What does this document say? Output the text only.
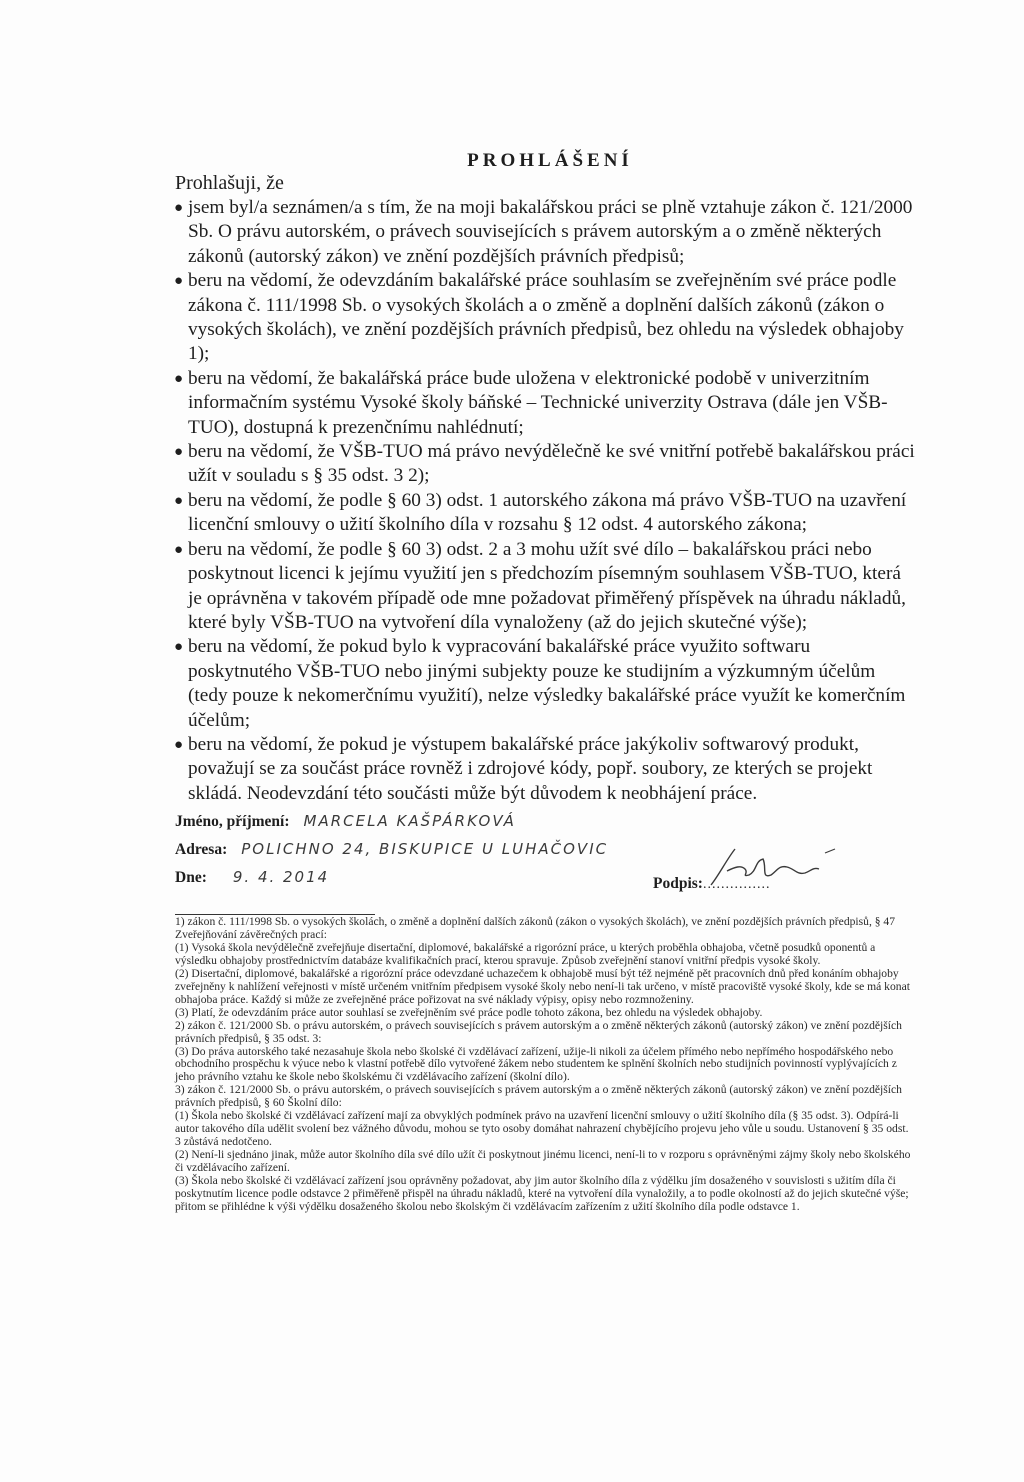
PROHLÁŠENÍ
Prohlašuji, že
● jsem byl/a seznámen/a s tím, že na moji bakalářskou práci se plně vztahuje zákon č. 121/2000 Sb. O právu autorském, o právech souvisejících s právem autorským a o změně některých zákonů (autorský zákon) ve znění pozdějších právních předpisů;
● beru na vědomí, že odevzdáním bakalářské práce souhlasím se zveřejněním své práce podle zákona č. 111/1998 Sb. o vysokých školách a o změně a doplnění dalších zákonů (zákon o vysokých školách), ve znění pozdějších právních předpisů, bez ohledu na výsledek obhajoby 1);
● beru na vědomí, že bakalářská práce bude uložena v elektronické podobě v univerzitním informačním systému Vysoké školy báňské – Technické univerzity Ostrava (dále jen VŠB-TUO), dostupná k prezenčnímu nahlédnutí;
● beru na vědomí, že VŠB-TUO má právo nevýdělečně ke své vnitřní potřebě bakalářskou práci užít v souladu s § 35 odst. 3 2);
● beru na vědomí, že podle § 60 3) odst. 1 autorského zákona má právo VŠB-TUO na uzavření licenční smlouvy o užití školního díla v rozsahu § 12 odst. 4 autorského zákona;
● beru na vědomí, že podle § 60 3) odst. 2 a 3 mohu užít své dílo – bakalářskou práci nebo poskytnout licenci k jejímu využití jen s předchozím písemným souhlasem VŠB-TUO, která je oprávněna v takovém případě ode mne požadovat přiměřený příspěvek na úhradu nákladů, které byly VŠB-TUO na vytvoření díla vynaloženy (až do jejich skutečné výše);
● beru na vědomí, že pokud bylo k vypracování bakalářské práce využito softwaru poskytnutého VŠB-TUO nebo jinými subjekty pouze ke studijním a výzkumným účelům (tedy pouze k nekomerčnímu využití), nelze výsledky bakalářské práce využít ke komerčním účelům;
● beru na vědomí, že pokud je výstupem bakalářské práce jakýkoliv softwarový produkt, považují se za součást práce rovněž i zdrojové kódy, popř. soubory, ze kterých se projekt skládá. Neodevzdání této součásti může být důvodem k neobhájení práce.
Jméno, příjmení: MARCELA KAŠPÁRKOVÁ
Adresa: POLICHNO 24, BISKUPICE U LUHAČOVIC
Dne: 9. 4. 2014	Podpis:...............

1) zákon č. 111/1998 Sb. o vysokých školách, o změně a doplnění dalších zákonů (zákon o vysokých školách), ve znění pozdějších právních předpisů, § 47 Zveřejňování závěrečných prací:

(1) Vysoká škola nevýdělečně zveřejňuje disertační, diplomové, bakalářské a rigorózní práce, u kterých proběhla obhajoba, včetně posudků oponentů a výsledku obhajoby prostřednictvím databáze kvalifikačních prací, kterou spravuje. Způsob zveřejnění stanoví vnitřní předpis vysoké školy.

(2) Disertační, diplomové, bakalářské a rigorózní práce odevzdané uchazečem k obhajobě musí být též nejméně pět pracovních dnů před konáním obhajoby zveřejněny k nahlížení veřejnosti v místě určeném vnitřním předpisem vysoké školy nebo není-li tak určeno, v místě pracoviště vysoké školy, kde se má konat obhajoba práce. Každý si může ze zveřejněné práce pořizovat na své náklady výpisy, opisy nebo rozmnoženiny.

(3) Platí, že odevzdáním práce autor souhlasí se zveřejněním své práce podle tohoto zákona, bez ohledu na výsledek obhajoby.

2) zákon č. 121/2000 Sb. o právu autorském, o právech souvisejících s právem autorským a o změně některých zákonů (autorský zákon) ve znění pozdějších právních předpisů, § 35 odst. 3:

(3) Do práva autorského také nezasahuje škola nebo školské či vzdělávací zařízení, užije-li nikoli za účelem přímého nebo nepřímého hospodářského nebo obchodního prospěchu k výuce nebo k vlastní potřebě dílo vytvořené žákem nebo studentem ke splnění školních nebo studijních povinností vyplývajících z jeho právního vztahu ke škole nebo školskému či vzdělávacího zařízení (školní dílo).

3) zákon č. 121/2000 Sb. o právu autorském, o právech souvisejících s právem autorským a o změně některých zákonů (autorský zákon) ve znění pozdějších právních předpisů, § 60 Školní dílo:

(1) Škola nebo školské či vzdělávací zařízení mají za obvyklých podmínek právo na uzavření licenční smlouvy o užití školního díla (§ 35 odst. 3). Odpírá-li autor takového díla udělit svolení bez vážného důvodu, mohou se tyto osoby domáhat nahrazení chybějícího projevu jeho vůle u soudu. Ustanovení § 35 odst. 3 zůstává nedotčeno.

(2) Není-li sjednáno jinak, může autor školního díla své dílo užít či poskytnout jinému licenci, není-li to v rozporu s oprávněnými zájmy školy nebo školského či vzdělávacího zařízení.

(3) Škola nebo školské či vzdělávací zařízení jsou oprávněny požadovat, aby jim autor školního díla z výdělku jím dosaženého v souvislosti s užitím díla či poskytnutím licence podle odstavce 2 přiměřeně přispěl na úhradu nákladů, které na vytvoření díla vynaložily, a to podle okolností až do jejich skutečné výše; přitom se přihlédne k výši výdělku dosaženého školou nebo školským či vzdělávacím zařízením z užití školního díla podle odstavce 1.
